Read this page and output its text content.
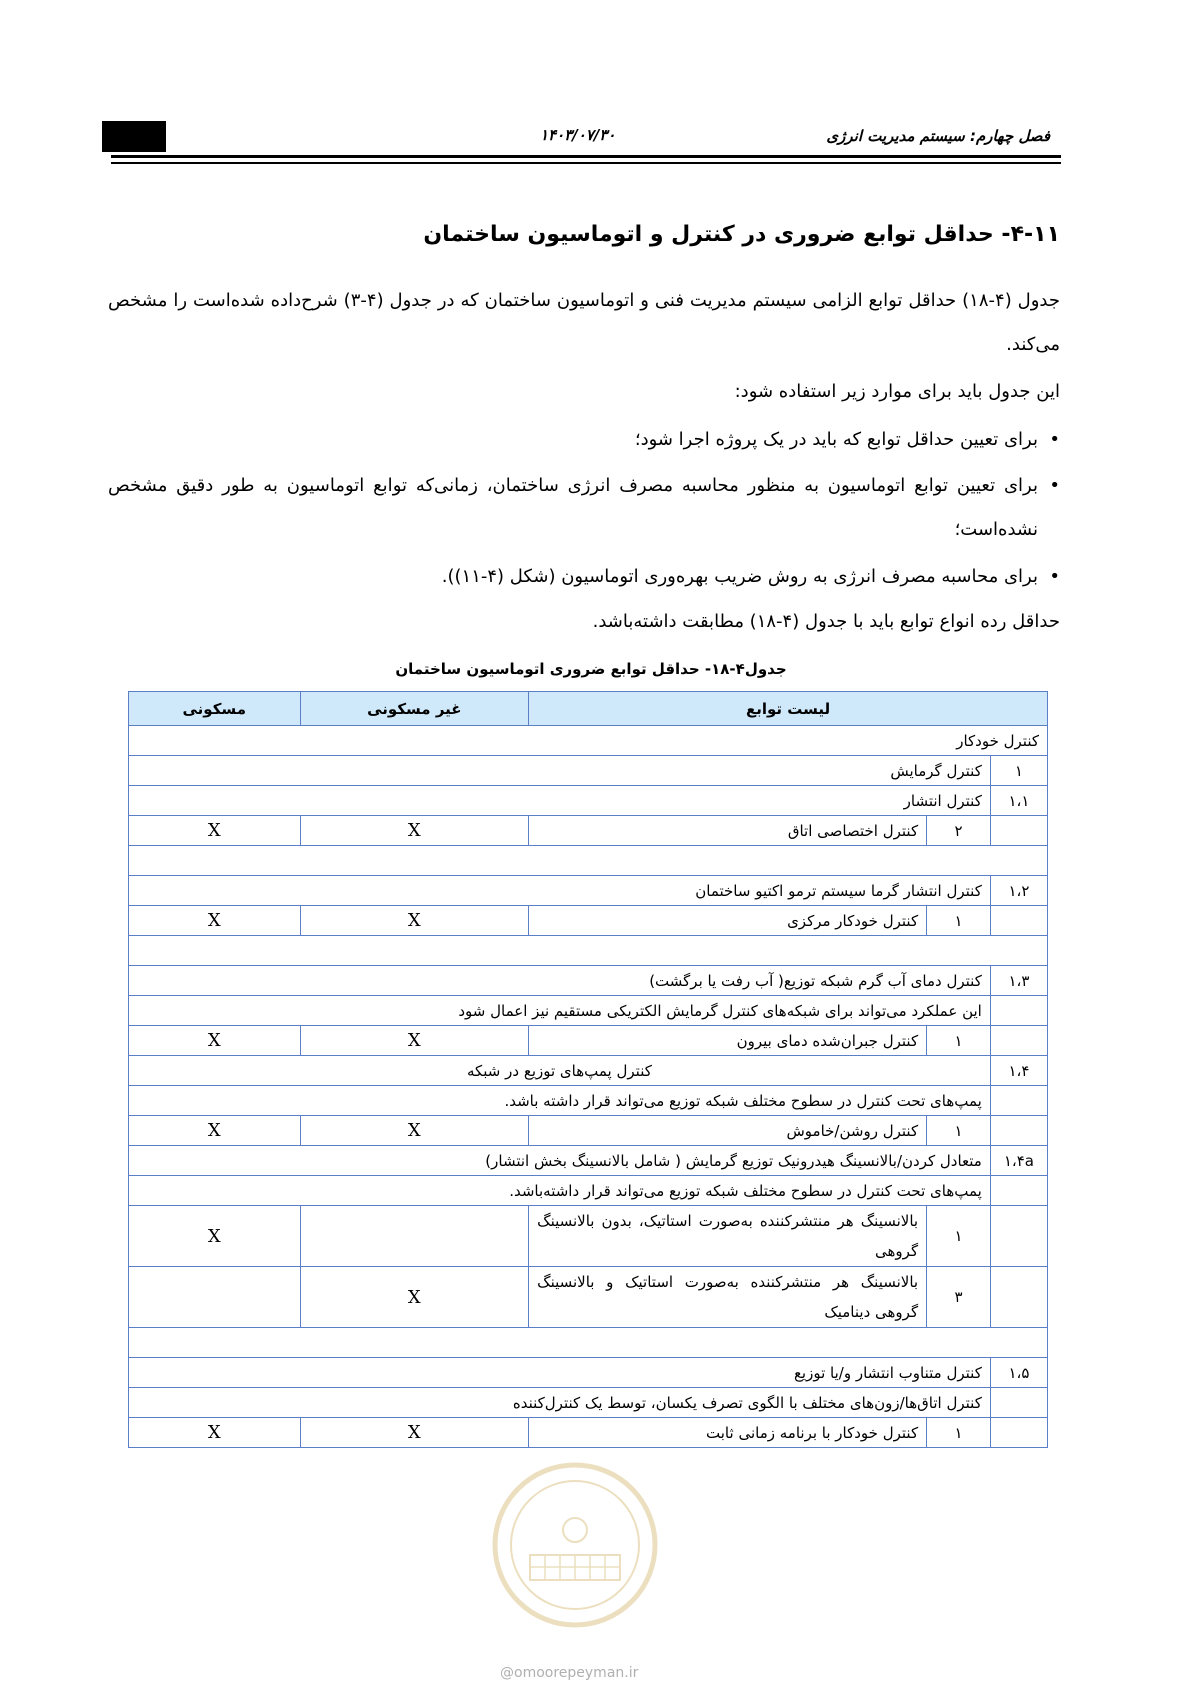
۱۴۰۳/۰۷/۳۰	فصل چهارم: سیستم مدیریت انرژی
۴-۱۱- حداقل توابع ضروری در کنترل و اتوماسیون ساختمان
جدول (۴-۱۸) حداقل توابع الزامی سیستم مدیریت فنی و اتوماسیون ساختمان که در جدول (۴-۳) شرح‌داده شده‌است را مشخص می‌کند.
این جدول باید برای موارد زیر استفاده شود:
• برای تعیین حداقل توابع که باید در یک پروژه اجرا شود؛
• برای تعیین توابع اتوماسیون به منظور محاسبه مصرف انرژی ساختمان، زمانی‌که توابع اتوماسیون به طور دقیق مشخص نشده‌است؛
• برای محاسبه مصرف انرژی به روش ضریب بهره‌وری اتوماسیون (شکل (۴-۱۱)).
حداقل رده انواع توابع باید با جدول (۴-۱۸) مطابقت داشته‌باشد.
جدول۴-۱۸- حداقل توابع ضروری اتوماسیون ساختمان
لیست توابع			غیر مسکونی	مسکونی
کنترل خودکار				
۱	کنترل گرمایش			
۱،۱	کنترل انتشار			
	۲	کنترل اختصاصی اتاق	X	X

۱،۲	کنترل انتشار گرما سیستم ترمو اکتیو ساختمان			
	۱	کنترل خودکار مرکزی	X	X

۱،۳	کنترل دمای آب گرم شبکه توزیع( آب رفت یا برگشت)			
	این عملکرد می‌تواند برای شبکه‌های کنترل گرمایش الکتریکی مستقیم نیز اعمال شود			
	۱	کنترل جبران‌شده دمای بیرون	X	X
۱،۴	کنترل پمپ‌های توزیع در شبکه			
	پمپ‌های تحت کنترل در سطوح مختلف شبکه توزیع می‌تواند قرار داشته باشد.			
	۱	کنترل روشن/خاموش	X	X
۱،۴a	متعادل کردن/بالانسینگ هیدرونیک توزیع گرمایش ( شامل بالانسینگ بخش انتشار)			
	پمپ‌های تحت کنترل در سطوح مختلف شبکه توزیع می‌تواند قرار داشته‌باشد.			
	۱	بالانسینگ هر منتشرکننده به‌صورت استاتیک، بدون بالانسینگ گروهی		X
	۳	بالانسینگ هر منتشرکننده به‌صورت استاتیک و بالانسینگ گروهی دینامیک	X	

۱،۵	کنترل متناوب انتشار و/یا توزیع			
	کنترل اتاق‌ها/زون‌های مختلف با الگوی تصرف یکسان، توسط یک کنترل‌کننده			
	۱	کنترل خودکار با برنامه زمانی ثابت	X	X
@omoorepeyman.ir
